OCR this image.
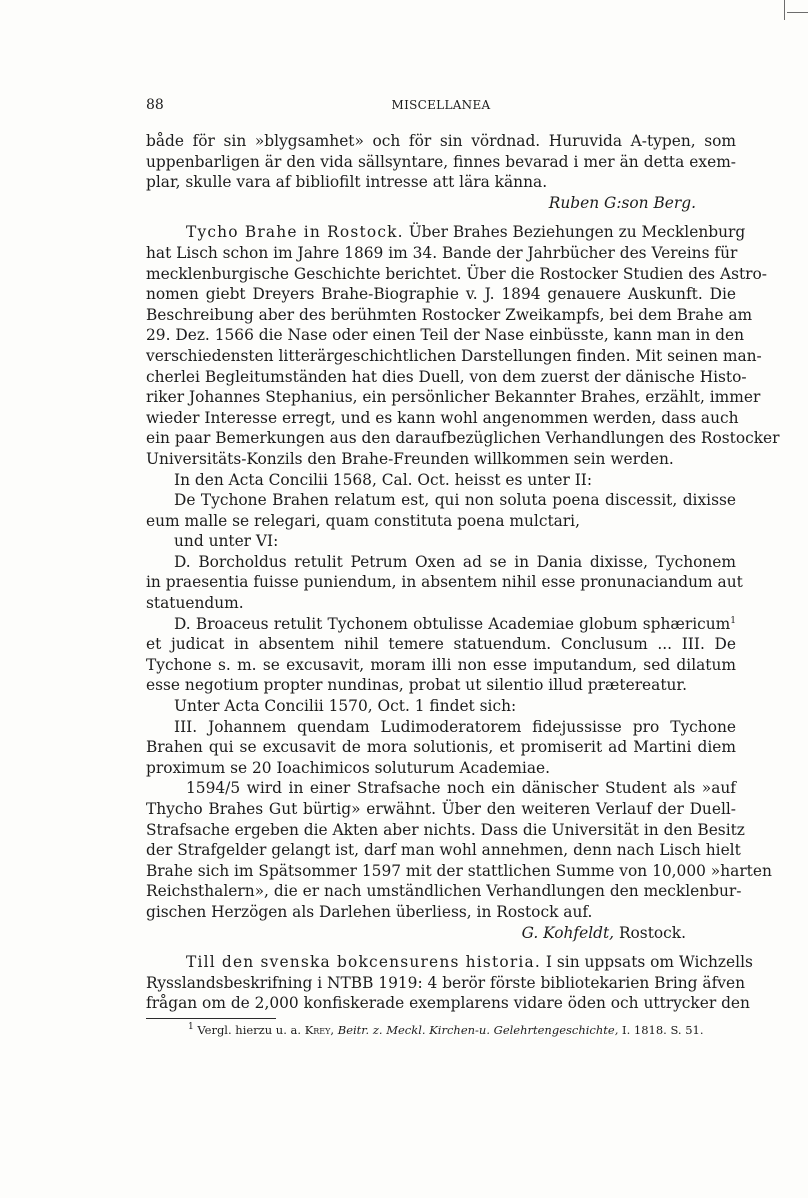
88	MISCELLANEA
både för sin »blygsamhet» och för sin vördnad. Huruvida A-typen, som
uppenbarligen är den vida sällsyntare, finnes bevarad i mer än detta exem-
plar, skulle vara af bibliofilt intresse att lära känna.
Ruben G:son Berg.
Tycho Brahe in Rostock. Über Brahes Beziehungen zu Mecklenburg
hat Lisch schon im Jahre 1869 im 34. Bande der Jahrbücher des Vereins für
mecklenburgische Geschichte berichtet. Über die Rostocker Studien des Astro-
nomen giebt Dreyers Brahe-Biographie v. J. 1894 genauere Auskunft. Die
Beschreibung aber des berühmten Rostocker Zweikampfs, bei dem Brahe am
29. Dez. 1566 die Nase oder einen Teil der Nase einbüsste, kann man in den
verschiedensten litterärgeschichtlichen Darstellungen finden. Mit seinen man-
cherlei Begleitumständen hat dies Duell, von dem zuerst der dänische Histo-
riker Johannes Stephanius, ein persönlicher Bekannter Brahes, erzählt, immer
wieder Interesse erregt, und es kann wohl angenommen werden, dass auch
ein paar Bemerkungen aus den daraufbezüglichen Verhandlungen des Rostocker
Universitäts-Konzils den Brahe-Freunden willkommen sein werden.
In den Acta Concilii 1568, Cal. Oct. heisst es unter II:
De Tychone Brahen relatum est, qui non soluta poena discessit, dixisse
eum malle se relegari, quam constituta poena mulctari,
und unter VI:
D. Borcholdus retulit Petrum Oxen ad se in Dania dixisse, Tychonem
in praesentia fuisse puniendum, in absentem nihil esse pronunaciandum aut
statuendum.
D. Broaceus retulit Tychonem obtulisse Academiae globum sphæricum$^1$
et judicat in absentem nihil temere statuendum. Conclusum ... III. De
Tychone s. m. se excusavit, moram illi non esse imputandum, sed dilatum
esse negotium propter nundinas, probat ut silentio illud prætereatur.
Unter Acta Concilii 1570, Oct. 1 findet sich:
III. Johannem quendam Ludimoderatorem fidejussisse pro Tychone
Brahen qui se excusavit de mora solutionis, et promiserit ad Martini diem
proximum se 20 Ioachimicos soluturum Academiae.
1594/5 wird in einer Strafsache noch ein dänischer Student als »auf
Thycho Brahes Gut bürtig» erwähnt. Über den weiteren Verlauf der Duell-
Strafsache ergeben die Akten aber nichts. Dass die Universität in den Besitz
der Strafgelder gelangt ist, darf man wohl annehmen, denn nach Lisch hielt
Brahe sich im Spätsommer 1597 mit der stattlichen Summe von 10,000 »harten
Reichsthalern», die er nach umständlichen Verhandlungen den mecklenbur-
gischen Herzögen als Darlehen überliess, in Rostock auf.
G. Kohfeldt, Rostock.
Till den svenska bokcensurens historia. I sin uppsats om Wichzells
Rysslandsbeskrifning i NTBB 1919: 4 berör förste bibliotekarien Bring äfven
frågan om de 2,000 konfiskerade exemplarens vidare öden och uttrycker den
$^1$ Vergl. hierzu u. a. Krey, Beitr. z. Meckl. Kirchen-u. Gelehrtengeschichte, I. 1818. S. 51.
